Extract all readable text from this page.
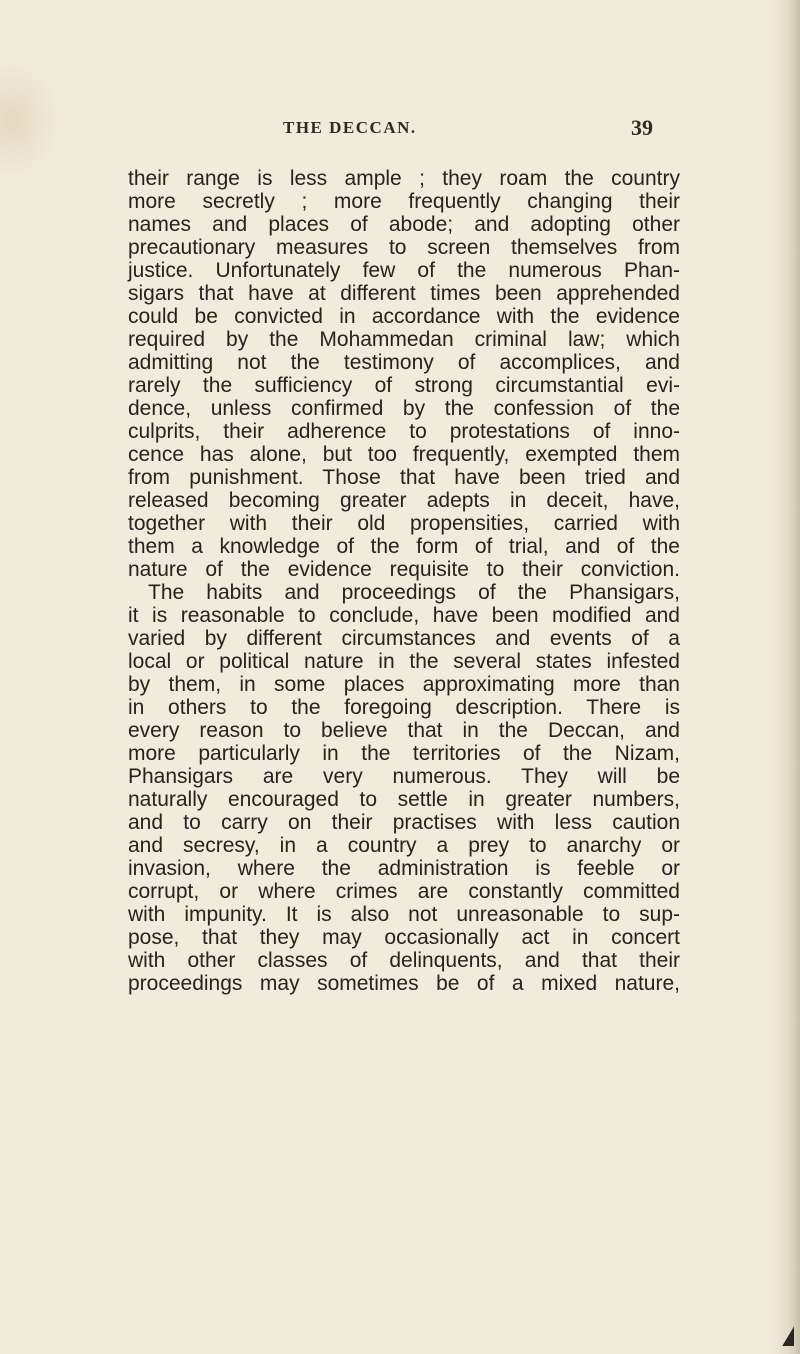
THE DECCAN.	39
their range is less ample ; they roam the country
more secretly ; more frequently changing their
names and places of abode; and adopting other
precautionary measures to screen themselves from
justice. Unfortunately few of the numerous Phan-
sigars that have at different times been apprehended
could be convicted in accordance with the evidence
required by the Mohammedan criminal law; which
admitting not the testimony of accomplices, and
rarely the sufficiency of strong circumstantial evi-
dence, unless confirmed by the confession of the
culprits, their adherence to protestations of inno-
cence has alone, but too frequently, exempted them
from punishment. Those that have been tried and
released becoming greater adepts in deceit, have,
together with their old propensities, carried with
them a knowledge of the form of trial, and of the
nature of the evidence requisite to their conviction.
The habits and proceedings of the Phansigars,
it is reasonable to conclude, have been modified and
varied by different circumstances and events of a
local or political nature in the several states infested
by them, in some places approximating more than
in others to the foregoing description. There is
every reason to believe that in the Deccan, and
more particularly in the territories of the Nizam,
Phansigars are very numerous. They will be
naturally encouraged to settle in greater numbers,
and to carry on their practises with less caution
and secresy, in a country a prey to anarchy or
invasion, where the administration is feeble or
corrupt, or where crimes are constantly committed
with impunity. It is also not unreasonable to sup-
pose, that they may occasionally act in concert
with other classes of delinquents, and that their
proceedings may sometimes be of a mixed nature,
